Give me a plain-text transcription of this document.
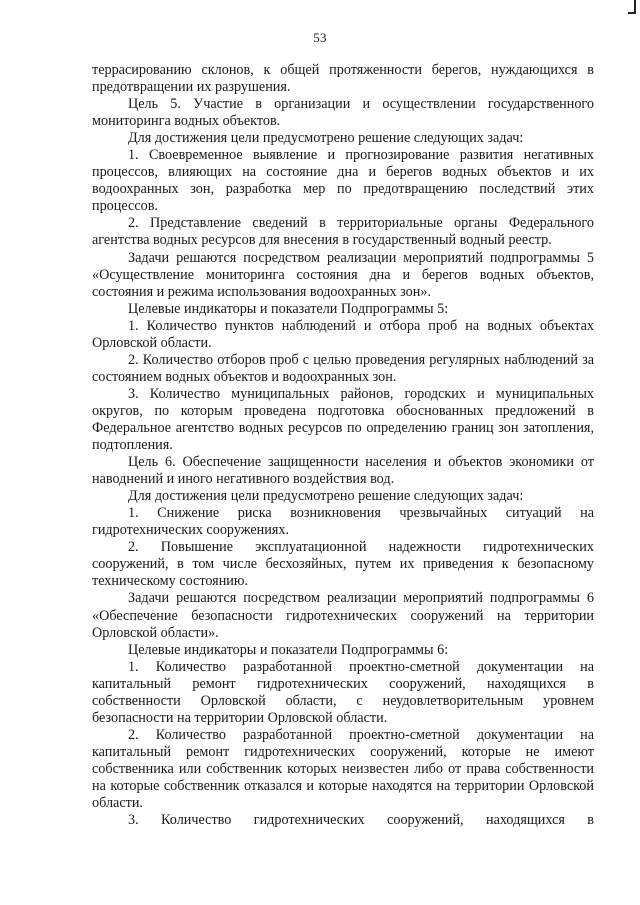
53

террасированию склонов, к общей протяженности берегов, нуждающихся в предотвращении их разрушения.

Цель 5. Участие в организации и осуществлении государственного мониторинга водных объектов.

Для достижения цели предусмотрено решение следующих задач:

1. Своевременное выявление и прогнозирование развития негативных процессов, влияющих на состояние дна и берегов водных объектов и их водоохранных зон, разработка мер по предотвращению последствий этих процессов.

2. Представление сведений в территориальные органы Федерального агентства водных ресурсов для внесения в государственный водный реестр.

Задачи решаются посредством реализации мероприятий подпрограммы 5 «Осуществление мониторинга состояния дна и берегов водных объектов, состояния и режима использования водоохранных зон».

Целевые индикаторы и показатели Подпрограммы 5:

1. Количество пунктов наблюдений и отбора проб на водных объектах Орловской области.

2. Количество отборов проб с целью проведения регулярных наблюдений за состоянием водных объектов и водоохранных зон.

3. Количество муниципальных районов, городских и муниципальных округов, по которым проведена подготовка обоснованных предложений в Федеральное агентство водных ресурсов по определению границ зон затопления, подтопления.

Цель 6. Обеспечение защищенности населения и объектов экономики от наводнений и иного негативного воздействия вод.

Для достижения цели предусмотрено решение следующих задач:

1. Снижение риска возникновения чрезвычайных ситуаций на гидротехнических сооружениях.

2. Повышение эксплуатационной надежности гидротехнических сооружений, в том числе бесхозяйных, путем их приведения к безопасному техническому состоянию.

Задачи решаются посредством реализации мероприятий подпрограммы 6 «Обеспечение безопасности гидротехнических сооружений на территории Орловской области».

Целевые индикаторы и показатели Подпрограммы 6:

1. Количество разработанной проектно-сметной документации на капитальный ремонт гидротехнических сооружений, находящихся в собственности Орловской области, с неудовлетворительным уровнем безопасности на территории Орловской области.

2. Количество разработанной проектно-сметной документации на капитальный ремонт гидротехнических сооружений, которые не имеют собственника или собственник которых неизвестен либо от права собственности на которые собственник отказался и которые находятся на территории Орловской области.

3. Количество гидротехнических сооружений, находящихся в
